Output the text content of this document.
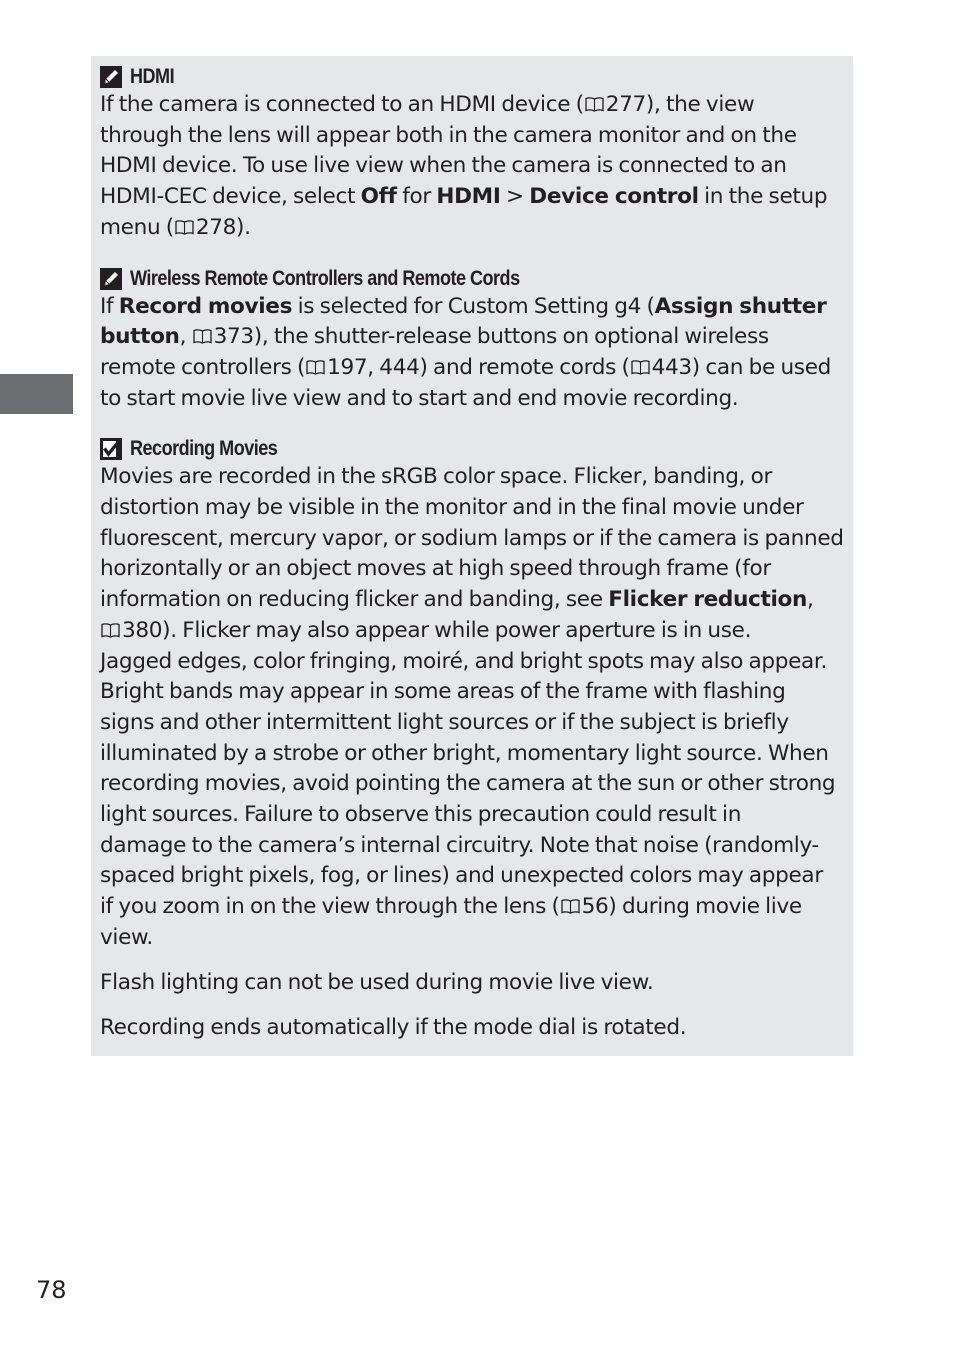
HDMI

If the camera is connected to an HDMI device ( 277), the view

through the lens will appear both in the camera monitor and on the

HDMI device. To use live view when the camera is connected to an

HDMI-CEC device, select Off for HDMI > Device control in the setup

menu ( 278).

Wireless Remote Controllers and Remote Cords

If Record movies is selected for Custom Setting g4 (Assign shutter

button, 373), the shutter-release buttons on optional wireless

remote controllers ( 197, 444) and remote cords ( 443) can be used

to start movie live view and to start and end movie recording.

Recording Movies

Movies are recorded in the sRGB color space. Flicker, banding, or

distortion may be visible in the monitor and in the final movie under

fluorescent, mercury vapor, or sodium lamps or if the camera is panned

horizontally or an object moves at high speed through frame (for

information on reducing flicker and banding, see Flicker reduction,

380). Flicker may also appear while power aperture is in use.

Jagged edges, color fringing, moiré, and bright spots may also appear.

Bright bands may appear in some areas of the frame with flashing

signs and other intermittent light sources or if the subject is briefly

illuminated by a strobe or other bright, momentary light source. When

recording movies, avoid pointing the camera at the sun or other strong

light sources. Failure to observe this precaution could result in

damage to the camera’s internal circuitry. Note that noise (randomly-

spaced bright pixels, fog, or lines) and unexpected colors may appear

if you zoom in on the view through the lens ( 56) during movie live

view.

Flash lighting can not be used during movie live view.

Recording ends automatically if the mode dial is rotated.

78
